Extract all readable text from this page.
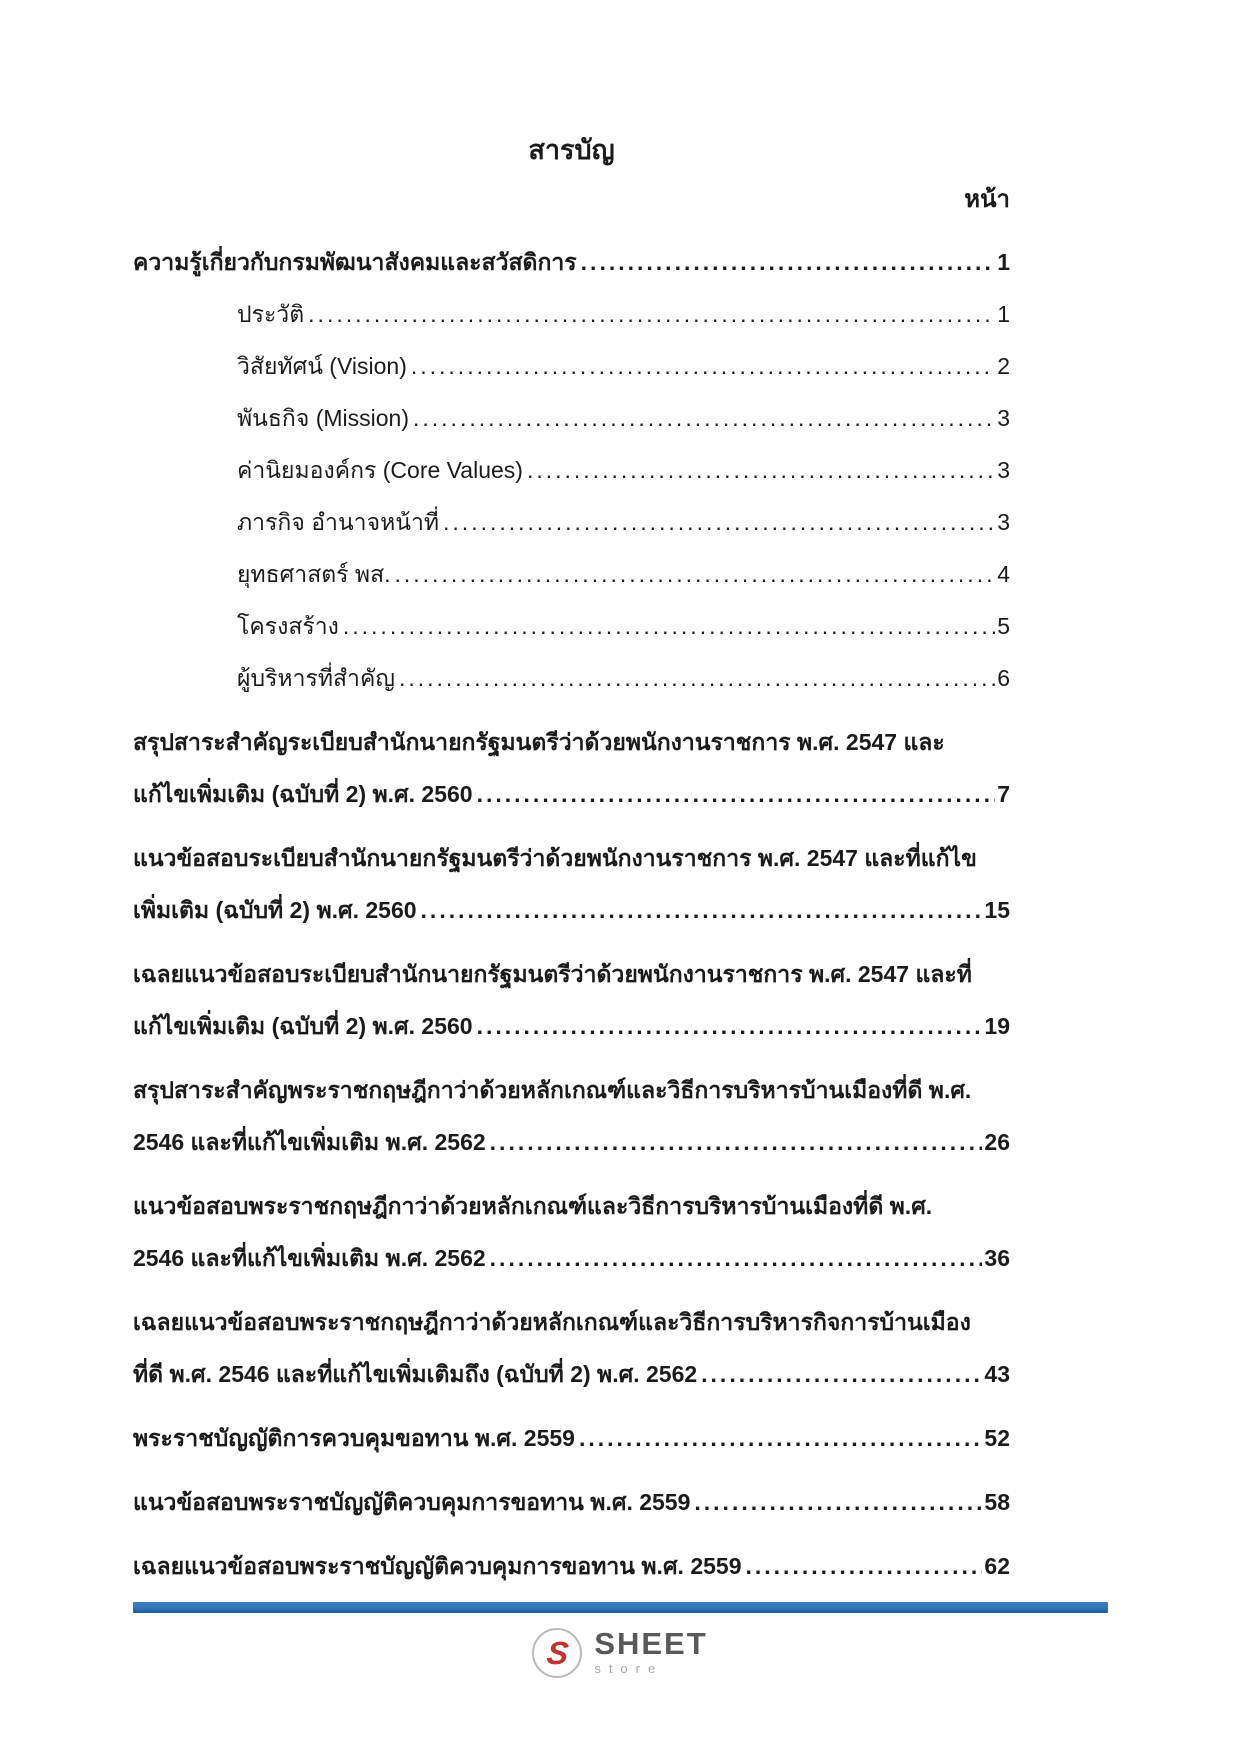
สารบัญ
หน้า
ความรู้เกี่ยวกับกรมพัฒนาสังคมและสวัสดิการ .....	1
ประวัติ .....	1
วิสัยทัศน์ (Vision) .....	2
พันธกิจ (Mission) .....	3
ค่านิยมองค์กร (Core Values) .....	3
ภารกิจ อำนาจหน้าที่ .....	3
ยุทธศาสตร์ พส. .....	4
โครงสร้าง .....	5
ผู้บริหารที่สำคัญ .....	6
สรุปสาระสำคัญระเบียบสำนักนายกรัฐมนตรีว่าด้วยพนักงานราชการ พ.ศ. 2547 และแก้ไขเพิ่มเติม (ฉบับที่ 2) พ.ศ. 2560 .....	7
แนวข้อสอบระเบียบสำนักนายกรัฐมนตรีว่าด้วยพนักงานราชการ พ.ศ. 2547 และที่แก้ไขเพิ่มเติม (ฉบับที่ 2) พ.ศ. 2560 .....	15
เฉลยแนวข้อสอบระเบียบสำนักนายกรัฐมนตรีว่าด้วยพนักงานราชการ พ.ศ. 2547 และที่แก้ไขเพิ่มเติม (ฉบับที่ 2) พ.ศ. 2560 .....	19
สรุปสาระสำคัญพระราชกฤษฎีกาว่าด้วยหลักเกณฑ์และวิธีการบริหารบ้านเมืองที่ดี พ.ศ. 2546 และที่แก้ไขเพิ่มเติม พ.ศ. 2562 .....	26
แนวข้อสอบพระราชกฤษฎีกาว่าด้วยหลักเกณฑ์และวิธีการบริหารบ้านเมืองที่ดี พ.ศ. 2546 และที่แก้ไขเพิ่มเติม พ.ศ. 2562 .....	36
เฉลยแนวข้อสอบพระราชกฤษฎีกาว่าด้วยหลักเกณฑ์และวิธีการบริหารกิจการบ้านเมืองที่ดี พ.ศ. 2546 และที่แก้ไขเพิ่มเติมถึง (ฉบับที่ 2) พ.ศ. 2562 .....	43
พระราชบัญญัติการควบคุมขอทาน พ.ศ. 2559 .....	52
แนวข้อสอบพระราชบัญญัติควบคุมการขอทาน พ.ศ. 2559 .....	58
เฉลยแนวข้อสอบพระราชบัญญัติควบคุมการขอทาน พ.ศ. 2559 .....	62
S SHEET
store
